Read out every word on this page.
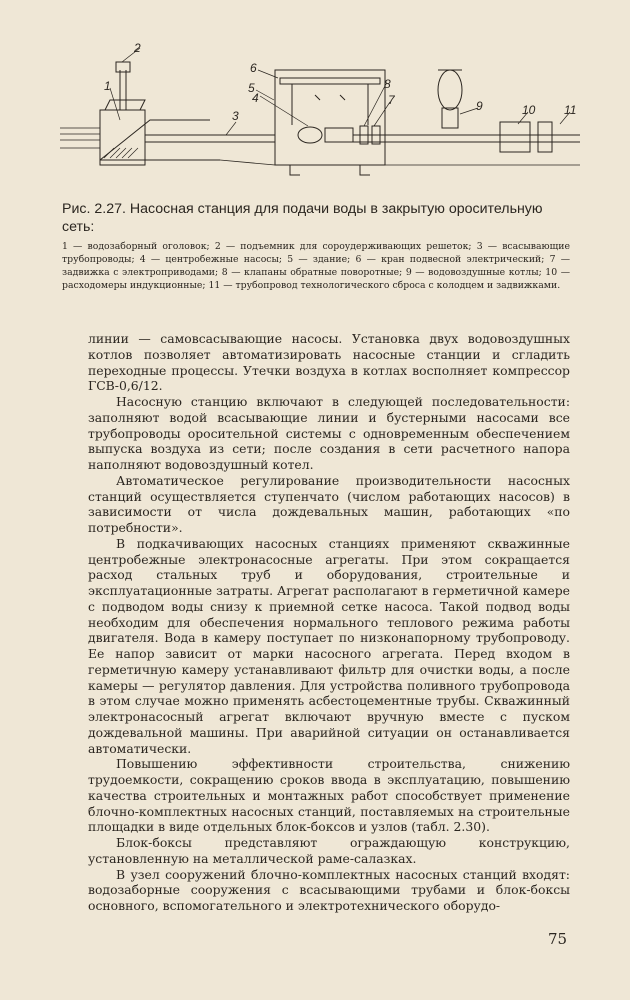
1
2
3
4
5
6
7
8
9	10 11
Рис. 2.27. Насосная станция для подачи воды в закрытую оросительную сеть:
1 — водозаборный оголовок; 2 — подъемник для сороудерживающих решеток; 3 — всасывающие трубопроводы; 4 — центробежные насосы; 5 — здание; 6 — кран подвесной электрический; 7 — задвижка с электроприводами; 8 — клапаны обратные поворотные; 9 — водовоздушные котлы; 10 — расходомеры индукционные; 11 — трубопровод технологического сброса с колодцем и задвижками.

линии — самовсасывающие насосы. Установка двух водовоздушных котлов позволяет автоматизировать насосные станции и сгладить переходные процессы. Утечки воздуха в котлах восполняет компрессор ГСВ-0,6/12.

Насосную станцию включают в следующей последовательности: заполняют водой всасывающие линии и бустерными насосами все трубопроводы оросительной системы с одновременным обеспечением выпуска воздуха из сети; после создания в сети расчетного напора наполняют водовоздушный котел.

Автоматическое регулирование производительности насосных станций осуществляется ступенчато (числом работающих насосов) в зависимости от числа дождевальных машин, работающих «по потребности».

В подкачивающих насосных станциях применяют скважинные центробежные электронасосные агрегаты. При этом сокращается расход стальных труб и оборудования, строительные и эксплуатационные затраты. Агрегат располагают в герметичной камере с подводом воды снизу к приемной сетке насоса. Такой подвод воды необходим для обеспечения нормального теплового режима работы двигателя. Вода в камеру поступает по низконапорному трубопроводу. Ее напор зависит от марки насосного агрегата. Перед входом в герметичную камеру устанавливают фильтр для очистки воды, а после камеры — регулятор давления. Для устройства поливного трубопровода в этом случае можно применять асбестоцементные трубы. Скважинный электронасосный агрегат включают вручную вместе с пуском дождевальной машины. При аварийной ситуации он останавливается автоматически.

Повышению эффективности строительства, снижению трудоемкости, сокращению сроков ввода в эксплуатацию, повышению качества строительных и монтажных работ способствует применение блочно-комплектных насосных станций, поставляемых на строительные площадки в виде отдельных блок-боксов и узлов (табл. 2.30).

Блок-боксы представляют ограждающую конструкцию, установленную на металлической раме-салазках.

В узел сооружений блочно-комплектных насосных станций входят: водозаборные сооружения с всасывающими трубами и блок-боксы основного, вспомогательного и электротехнического оборудо-

75
